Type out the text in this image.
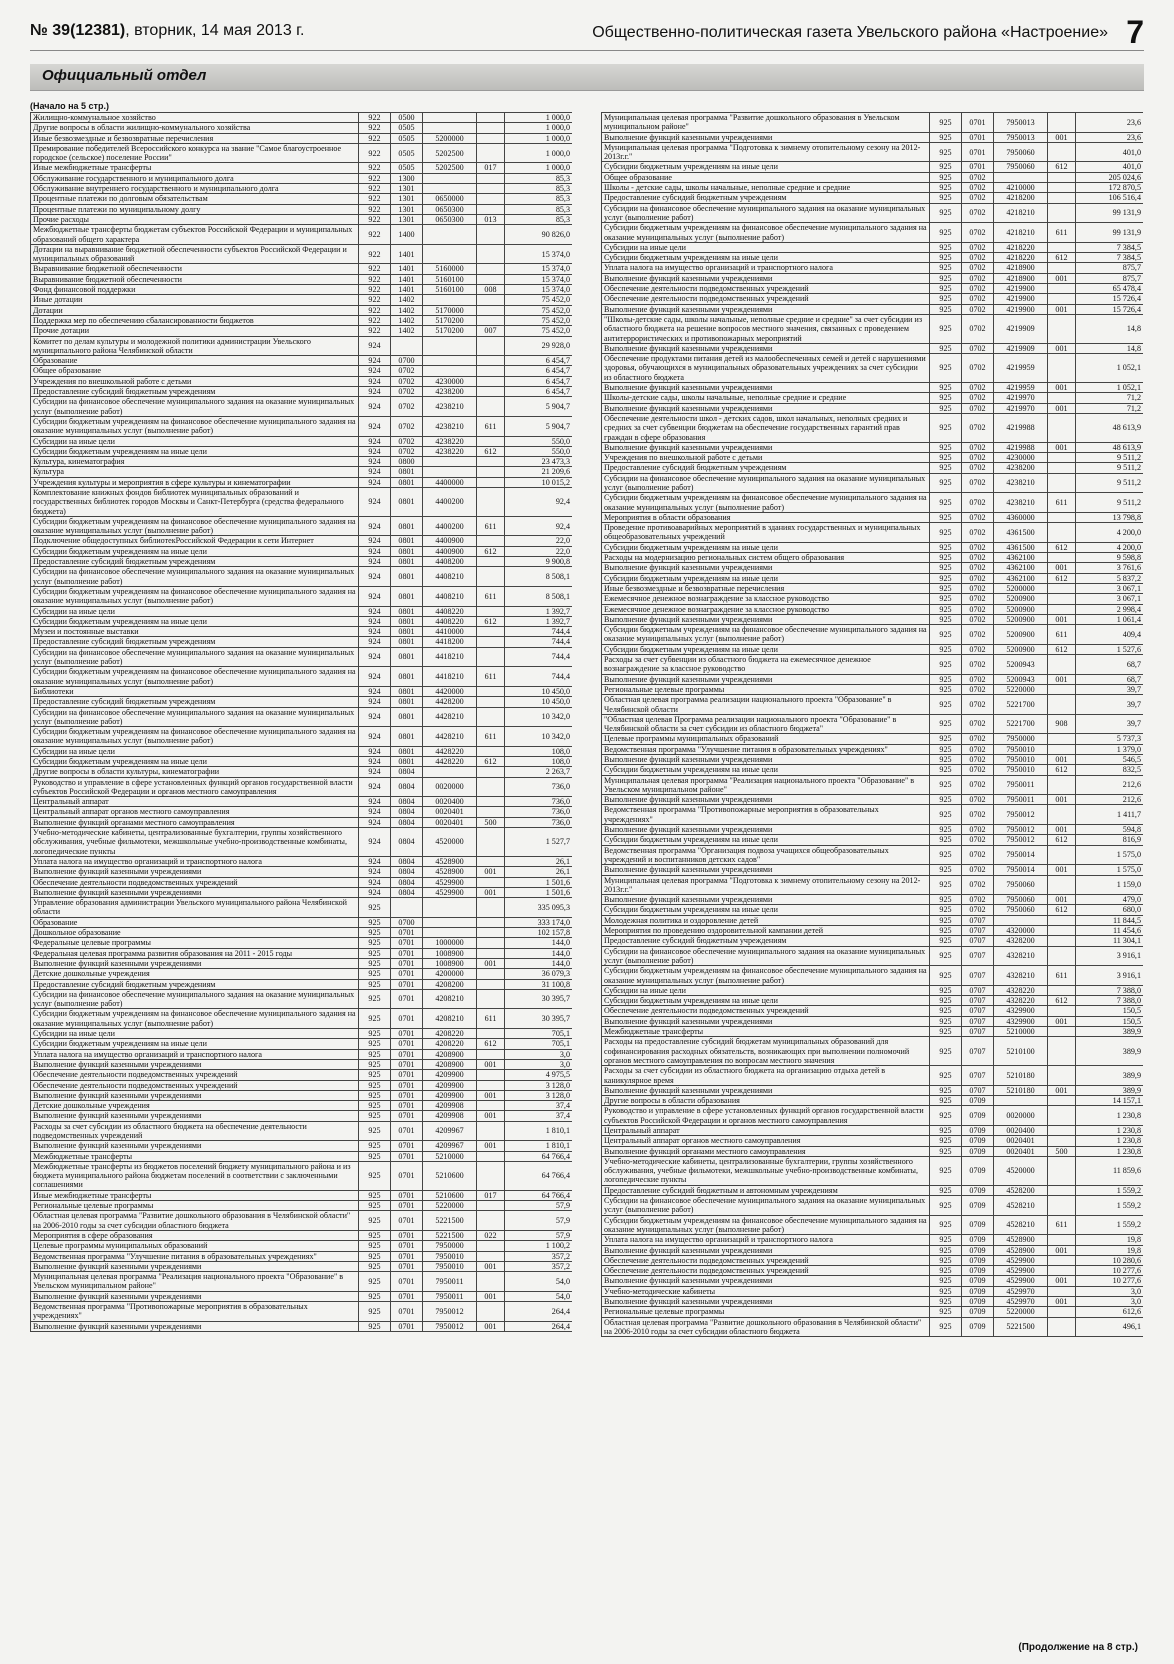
№ 39(12381), вторник, 14 мая 2013 г.	Общественно-политическая газета Увельского района «Настроение» 7
Официальный отдел
(Начало на 5 стр.)
Жилищно-коммунальное хозяйство	922	0500			1 000,0
Другие вопросы в области жилищно-коммунального хозяйства	922	0505			1 000,0
Иные безвозмездные и безвозвратные перечисления	922	0505	5200000		1 000,0
Премирование победителей Всероссийского конкурса на звание "Самое благоустроенное городское (сельское) поселение России"	922	0505	5202500		1 000,0
Иные межбюджетные трансферты	922	0505	5202500	017	1 000,0
Обслуживание государственного и муниципального долга	922	1300			85,3
Обслуживание внутреннего государственного и муниципального долга	922	1301			85,3
Процентные платежи по долговым обязательствам	922	1301	0650000		85,3
Процентные платежи по муниципальному долгу	922	1301	0650300		85,3
Прочие расходы	922	1301	0650300	013	85,3
Межбюджетные трансферты бюджетам субъектов Российской Федерации и муниципальных образований общего характера	922	1400			90 826,0
Дотации на выравнивание бюджетной обеспеченности субъектов Российской Федерации и муниципальных образований	922	1401			15 374,0
Выравнивание бюджетной обеспеченности	922	1401	5160000		15 374,0
Выравнивание бюджетной обеспеченности	922	1401	5160100		15 374,0
Фонд финансовой поддержки	922	1401	5160100	008	15 374,0
Иные дотации	922	1402			75 452,0
Дотации	922	1402	5170000		75 452,0
Поддержка мер по обеспечению сбалансированности бюджетов	922	1402	5170200		75 452,0
Прочие дотации	922	1402	5170200	007	75 452,0
Комитет по делам культуры и молодежной политики администрации Увельского муниципального района Челябинской области	924				29 928,0
Образование	924	0700			6 454,7
Общее образование	924	0702			6 454,7
Учреждения по внешкольной работе с детьми	924	0702	4230000		6 454,7
Предоставление субсидий бюджетным учреждениям	924	0702	4238200		6 454,7
Субсидии на финансовое обеспечение муниципального задания на оказание муниципальных услуг (выполнение работ)	924	0702	4238210		5 904,7
Субсидии бюджетным учреждениям на финансовое обеспечение муниципального задания на оказание муниципальных услуг (выполнение работ)	924	0702	4238210	611	5 904,7
Субсидии на иные цели	924	0702	4238220		550,0
Субсидии бюджетным учреждениям на иные цели	924	0702	4238220	612	550,0
Культура, кинематография	924	0800			23 473,3
Культура	924	0801			21 209,6
Учреждения культуры и мероприятия в сфере культуры и кинематографии	924	0801	4400000		10 015,2
Комплектование книжных фондов библиотек муниципальных образований и государственных библиотек городов Москвы и Санкт-Петербурга (средства федерального бюджета)	924	0801	4400200		92,4
Субсидии бюджетным учреждениям на финансовое обеспечение муниципального задания на оказание муниципальных услуг (выполнение работ)	924	0801	4400200	611	92,4
Подключение общедоступных библиотекРоссийской Федерации к сети Интернет	924	0801	4400900		22,0
Субсидии бюджетным учреждениям на иные цели	924	0801	4400900	612	22,0
Предоставление субсидий бюджетным учреждениям	924	0801	4408200		9 900,8
Субсидии на финансовое обеспечение муниципального задания на оказание муниципальных услуг (выполнение работ)	924	0801	4408210		8 508,1
Субсидии бюджетным учреждениям на финансовое обеспечение муниципального задания на оказание муниципальных услуг (выполнение работ)	924	0801	4408210	611	8 508,1
Субсидии на иные цели	924	0801	4408220		1 392,7
Субсидии бюджетным учреждениям на иные цели	924	0801	4408220	612	1 392,7
Музеи и постоянные выставки	924	0801	4410000		744,4
Предоставление субсидий бюджетным учреждениям	924	0801	4418200		744,4
Субсидии на финансовое обеспечение муниципального задания на оказание муниципальных услуг (выполнение работ)	924	0801	4418210		744,4
Субсидии бюджетным учреждениям на финансовое обеспечение муниципального задания на оказание муниципальных услуг (выполнение работ)	924	0801	4418210	611	744,4
Библиотеки	924	0801	4420000		10 450,0
Предоставление субсидий бюджетным учреждениям	924	0801	4428200		10 450,0
Субсидии на финансовое обеспечение муниципального задания на оказание муниципальных услуг (выполнение работ)	924	0801	4428210		10 342,0
Субсидии бюджетным учреждениям на финансовое обеспечение муниципального задания на оказание муниципальных услуг (выполнение работ)	924	0801	4428210	611	10 342,0
Субсидии на иные цели	924	0801	4428220		108,0
Субсидии бюджетным учреждениям на иные цели	924	0801	4428220	612	108,0
Другие вопросы в области культуры, кинематографии	924	0804			2 263,7
Руководство и управление в сфере установленных функций органов государственной власти субъектов Российской Федерации и органов местного самоуправления	924	0804	0020000		736,0
Центральный аппарат	924	0804	0020400		736,0
Центральный аппарат органов местного самоуправления	924	0804	0020401		736,0
Выполнение функций органами местного самоуправления	924	0804	0020401	500	736,0
Учебно-методические кабинеты, централизованные бухгалтерии, группы хозяйственного обслуживания, учебные фильмотеки, межшкольные учебно-производственные комбинаты, логопедические пункты	924	0804	4520000		1 527,7
Уплата налога на имущество организаций и транспортного налога	924	0804	4528900		26,1
Выполнение функций казенными учреждениями	924	0804	4528900	001	26,1
Обеспечение деятельности подведомственных учреждений	924	0804	4529900		1 501,6
Выполнение функций казенными учреждениями	924	0804	4529900	001	1 501,6
Управление образования администрации Увельского муниципального района Челябинской области	925				335 095,3
Образование	925	0700			333 174,0
Дошкольное образование	925	0701			102 157,8
Федеральные целевые программы	925	0701	1000000		144,0
Федеральная целевая программа развития образования на 2011 - 2015 годы	925	0701	1008900		144,0
Выполнение функций казенными учреждениями	925	0701	1008900	001	144,0
Детские дошкольные учреждения	925	0701	4200000		36 079,3
Предоставление субсидий бюджетным учреждениям	925	0701	4208200		31 100,8
Субсидии на финансовое обеспечение муниципального задания на оказание муниципальных услуг (выполнение работ)	925	0701	4208210		30 395,7
Субсидии бюджетным учреждениям на финансовое обеспечение муниципального задания на оказание муниципальных услуг (выполнение работ)	925	0701	4208210	611	30 395,7
Субсидии на иные цели	925	0701	4208220		705,1
Субсидии бюджетным учреждениям на иные цели	925	0701	4208220	612	705,1
Уплата налога на имущество организаций и транспортного налога	925	0701	4208900		3,0
Выполнение функций казенными учреждениями	925	0701	4208900	001	3,0
Обеспечение деятельности подведомственных учреждений	925	0701	4209900		4 975,5
Обеспечение деятельности подведомственных учреждений	925	0701	4209900		3 128,0
Выполнение функций казенными учреждениями	925	0701	4209900	001	3 128,0
Детские дошкольные учреждения	925	0701	4209908		37,4
Выполнение функций казенными учреждениями	925	0701	4209908	001	37,4
Расходы за счет субсидии из областного бюджета на обеспечение деятельности подведомственных учреждений	925	0701	4209967		1 810,1
Выполнение функций казенными учреждениями	925	0701	4209967	001	1 810,1
Межбюджетные трансферты	925	0701	5210000		64 766,4
Межбюджетные трансферты из бюджетов поселений бюджету муниципального района и из бюджета муниципального района бюджетам поселений в соответствии с заключенными соглашениями	925	0701	5210600		64 766,4
Иные межбюджетные трансферты	925	0701	5210600	017	64 766,4
Региональные целевые программы	925	0701	5220000		57,9
Областная целевая программа "Развитие дошкольного образования в Челябинской области" на 2006-2010 годы за счет субсидии областного бюджета	925	0701	5221500		57,9
Мероприятия в сфере образования	925	0701	5221500	022	57,9
Целевые программы муниципальных образований	925	0701	7950000		1 100,2
Ведомственная программа "Улучшение питания в образовательных учреждениях"	925	0701	7950010		357,2
Выполнение функций казенными учреждениями	925	0701	7950010	001	357,2
Муниципальная целевая программа "Реализация национального проекта "Образование" в Увельском муниципальном районе"	925	0701	7950011		54,0
Выполнение функций казенными учреждениями	925	0701	7950011	001	54,0
Ведомственная программа "Противопожарные мероприятия в образовательных учреждениях"	925	0701	7950012		264,4
Выполнение функций казенными учреждениями	925	0701	7950012	001	264,4
Муниципальная целевая программа "Развитие дошкольного образования в Увельском муниципальном районе"	925	0701	7950013		23,6
Выполнение функций казенными учреждениями	925	0701	7950013	001	23,6
Муниципальная целевая программа "Подготовка к зимнему отопительному сезону на 2012-2013г.г."	925	0701	7950060		401,0
Субсидии бюджетным учреждениям на иные цели	925	0701	7950060	612	401,0
Общее образование	925	0702			205 024,6
Школы - детские сады, школы начальные, неполные средние и средние	925	0702	4210000		172 870,5
Предоставление субсидий бюджетным учреждениям	925	0702	4218200		106 516,4
Субсидии на финансовое обеспечение муниципального задания на оказание муниципальных услуг (выполнение работ)	925	0702	4218210		99 131,9
Субсидии бюджетным учреждениям на финансовое обеспечение муниципального задания на оказание муниципальных услуг (выполнение работ)	925	0702	4218210	611	99 131,9
Субсидии на иные цели	925	0702	4218220		7 384,5
Субсидии бюджетным учреждениям на иные цели	925	0702	4218220	612	7 384,5
Уплата налога на имущество организаций и транспортного налога	925	0702	4218900		875,7
Выполнение функций казенными учреждениями	925	0702	4218900	001	875,7
Обеспечение деятельности подведомственных учреждений	925	0702	4219900		65 478,4
Обеспечение деятельности подведомственных учреждений	925	0702	4219900		15 726,4
Выполнение функций казенными учреждениями	925	0702	4219900	001	15 726,4
"Школы-детские сады, школы начальные, неполные средние и средние" за счет субсидии из областного бюджета на решение вопросов местного значения, связанных с проведением антитеррористических и противопожарных мероприятий	925	0702	4219909		14,8
Выполнение функций казенными учреждениями	925	0702	4219909	001	14,8
Обеспечение продуктами питания детей из малообеспеченных семей и детей с нарушениями здоровья, обучающихся в муниципальных образовательных учреждениях за счет субсидии из областного бюджета	925	0702	4219959		1 052,1
Выполнение функций казенными учреждениями	925	0702	4219959	001	1 052,1
Школы-детские сады, школы начальные, неполные средние и средние	925	0702	4219970		71,2
Выполнение функций казенными учреждениями	925	0702	4219970	001	71,2
Обеспечение деятельности школ - детских садов, школ начальных, неполных средних и средних за счет субвенции бюджетам на обеспечение государственных гарантий прав граждан в сфере образования	925	0702	4219988		48 613,9
Выполнение функций казенными учреждениями	925	0702	4219988	001	48 613,9
Учреждения по внешкольной работе с детьми	925	0702	4230000		9 511,2
Предоставление субсидий бюджетным учреждениям	925	0702	4238200		9 511,2
Субсидии на финансовое обеспечение муниципального задания на оказание муниципальных услуг (выполнение работ)	925	0702	4238210		9 511,2
Субсидии бюджетным учреждениям на финансовое обеспечение муниципального задания на оказание муниципальных услуг (выполнение работ)	925	0702	4238210	611	9 511,2
Мероприятия в области образования	925	0702	4360000		13 798,8
Проведение противоаварийных мероприятий в зданиях государственных и муниципальных общеобразовательных учреждений	925	0702	4361500		4 200,0
Субсидии бюджетным учреждениям на иные цели	925	0702	4361500	612	4 200,0
Расходы на модернизацию региональных систем общего образования	925	0702	4362100		9 598,8
Выполнение функций казенными учреждениями	925	0702	4362100	001	3 761,6
Субсидии бюджетным учреждениям на иные цели	925	0702	4362100	612	5 837,2
Иные безвозмездные и безвозвратные перечисления	925	0702	5200000		3 067,1
Ежемесячное денежное вознаграждение за классное руководство	925	0702	5200900		3 067,1
Ежемесячное денежное вознаграждение за классное руководство	925	0702	5200900		2 998,4
Выполнение функций казенными учреждениями	925	0702	5200900	001	1 061,4
Субсидии бюджетным учреждениям на финансовое обеспечение муниципального задания на оказание муниципальных услуг (выполнение работ)	925	0702	5200900	611	409,4
Субсидии бюджетным учреждениям на иные цели	925	0702	5200900	612	1 527,6
Расходы за счет субвенции из областного бюджета на ежемесячное денежное вознаграждение за классное руководство	925	0702	5200943		68,7
Выполнение функций казенными учреждениями	925	0702	5200943	001	68,7
Региональные целевые программы	925	0702	5220000		39,7
Областная целевая программа реализации национального проекта "Образование" в Челябинской области	925	0702	5221700		39,7
"Областная целевая Программа реализации национального проекта "Образование" в Челябинской области за счет субсидии из областного бюджета"	925	0702	5221700	908	39,7
Целевые программы муниципальных образований	925	0702	7950000		5 737,3
Ведомственная программа "Улучшение питания в образовательных учреждениях"	925	0702	7950010		1 379,0
Выполнение функций казенными учреждениями	925	0702	7950010	001	546,5
Субсидии бюджетным учреждениям на иные цели	925	0702	7950010	612	832,5
Муниципальная целевая программа "Реализация национального проекта "Образование" в Увельском муниципальном районе"	925	0702	7950011		212,6
Выполнение функций казенными учреждениями	925	0702	7950011	001	212,6
Ведомственная программа "Противопожарные мероприятия в образовательных учреждениях"	925	0702	7950012		1 411,7
Выполнение функций казенными учреждениями	925	0702	7950012	001	594,8
Субсидии бюджетным учреждениям на иные цели	925	0702	7950012	612	816,9
Ведомственная программа "Организация подвоза учащихся общеобразовательных учреждений и воспитанников детских садов"	925	0702	7950014		1 575,0
Выполнение функций казенными учреждениями	925	0702	7950014	001	1 575,0
Муниципальная целевая программа "Подготовка к зимнему отопительному сезону на 2012-2013г.г."	925	0702	7950060		1 159,0
Выполнение функций казенными учреждениями	925	0702	7950060	001	479,0
Субсидии бюджетным учреждениям на иные цели	925	0702	7950060	612	680,0
Молодежная политика и оздоровление детей	925	0707			11 844,5
Мероприятия по проведению оздоровительной кампании детей	925	0707	4320000		11 454,6
Предоставление субсидий бюджетным учреждениям	925	0707	4328200		11 304,1
Субсидии на финансовое обеспечение муниципального задания на оказание муниципальных услуг (выполнение работ)	925	0707	4328210		3 916,1
Субсидии бюджетным учреждениям на финансовое обеспечение муниципального задания на оказание муниципальных услуг (выполнение работ)	925	0707	4328210	611	3 916,1
Субсидии на иные цели	925	0707	4328220		7 388,0
Субсидии бюджетным учреждениям на иные цели	925	0707	4328220	612	7 388,0
Обеспечение деятельности подведомственных учреждений	925	0707	4329900		150,5
Выполнение функций казенными учреждениями	925	0707	4329900	001	150,5
Межбюджетные трансферты	925	0707	5210000		389,9
Расходы на предоставление субсидий бюджетам муниципальных образований для софинансирования расходных обязательств, возникающих при выполнении полномочий органов местного самоуправления по вопросам местного значения	925	0707	5210100		389,9
Расходы за счет субсидии из областного бюджета на организацию отдыха детей в каникулярное время	925	0707	5210180		389,9
Выполнение функций казенными учреждениями	925	0707	5210180	001	389,9
Другие вопросы в области образования	925	0709			14 157,1
Руководство и управление в сфере установленных функций органов государственной власти субъектов Российской Федерации и органов местного самоуправления	925	0709	0020000		1 230,8
Центральный аппарат	925	0709	0020400		1 230,8
Центральный аппарат органов местного самоуправления	925	0709	0020401		1 230,8
Выполнение функций органами местного самоуправления	925	0709	0020401	500	1 230,8
Учебно-методические кабинеты, централизованные бухгалтерии, группы хозяйственного обслуживания, учебные фильмотеки, межшкольные учебно-производственные комбинаты, логопедические пункты	925	0709	4520000		11 859,6
Предоставление субсидий бюджетным и автономным учреждениям	925	0709	4528200		1 559,2
Субсидии на финансовое обеспечение муниципального задания на оказание муниципальных услуг (выполнение работ)	925	0709	4528210		1 559,2
Субсидии бюджетным учреждениям на финансовое обеспечение муниципального задания на оказание муниципальных услуг (выполнение работ)	925	0709	4528210	611	1 559,2
Уплата налога на имущество организаций и транспортного налога	925	0709	4528900		19,8
Выполнение функций казенными учреждениями	925	0709	4528900	001	19,8
Обеспечение деятельности подведомственных учреждений	925	0709	4529900		10 280,6
Обеспечение деятельности подведомственных учреждений	925	0709	4529900		10 277,6
Выполнение функций казенными учреждениями	925	0709	4529900	001	10 277,6
Учебно-методические кабинеты	925	0709	4529970		3,0
Выполнение функций казенными учреждениями	925	0709	4529970	001	3,0
Региональные целевые программы	925	0709	5220000		612,6
Областная целевая программа "Развитие дошкольного образования в Челябинской области" на 2006-2010 годы за счет субсидии областного бюджета	925	0709	5221500		496,1
(Продолжение на 8 стр.)
